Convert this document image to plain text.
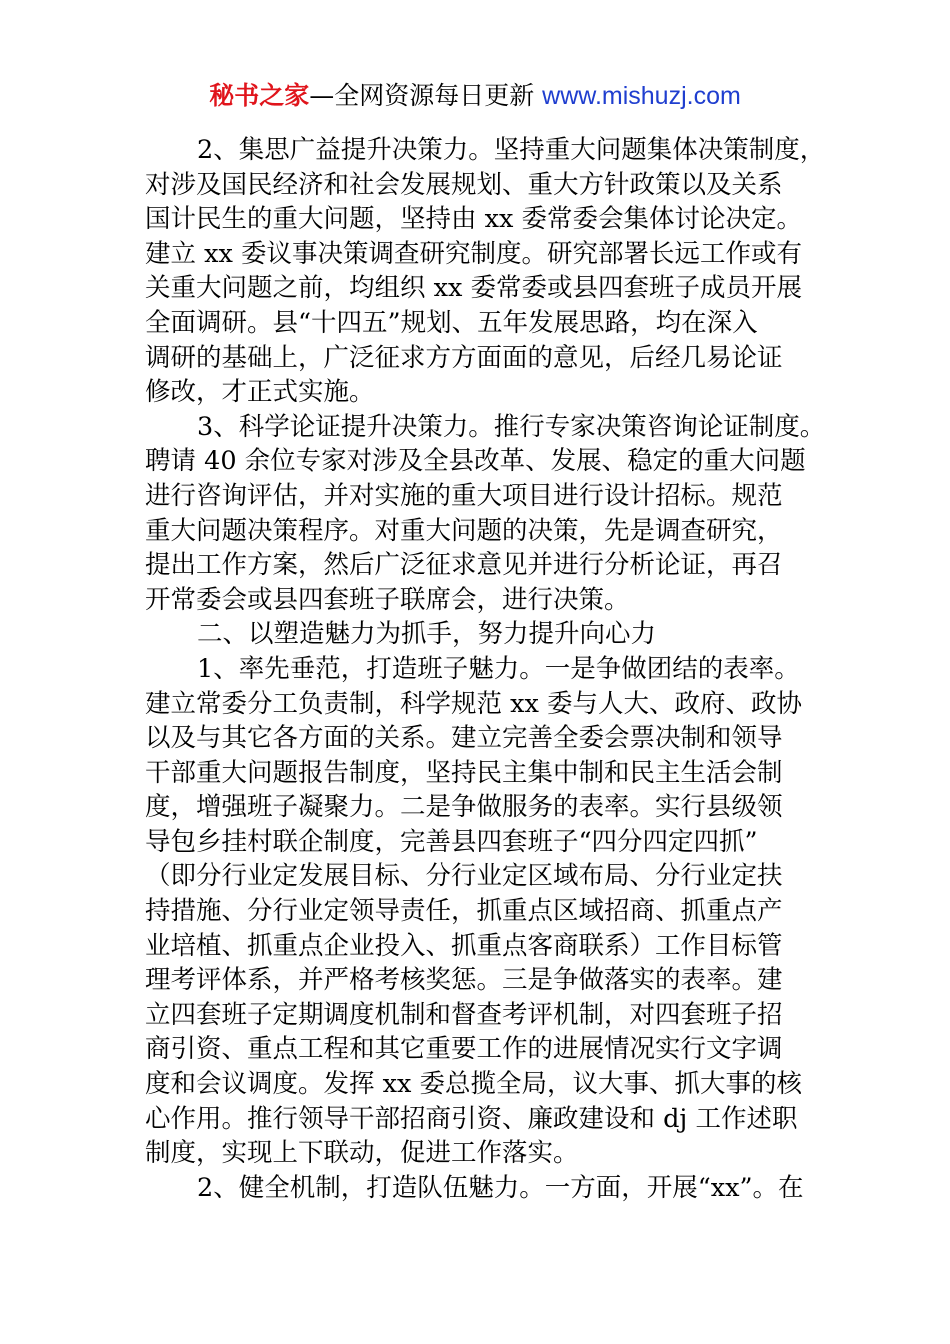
秘书之家—全网资源每日更新 www.mishuzj.com
2、集思广益提升决策力。坚持重大问题集体决策制度，
对涉及国民经济和社会发展规划、重大方针政策以及关系
国计民生的重大问题，坚持由 xx 委常委会集体讨论决定。
建立 xx 委议事决策调查研究制度。研究部署长远工作或有
关重大问题之前，均组织 xx 委常委或县四套班子成员开展
全面调研。县“十四五”规划、五年发展思路，均在深入
调研的基础上，广泛征求方方面面的意见，后经几易论证
修改，才正式实施。
3、科学论证提升决策力。推行专家决策咨询论证制度。
聘请 40 余位专家对涉及全县改革、发展、稳定的重大问题
进行咨询评估，并对实施的重大项目进行设计招标。规范
重大问题决策程序。对重大问题的决策，先是调查研究，
提出工作方案，然后广泛征求意见并进行分析论证，再召
开常委会或县四套班子联席会，进行决策。
二、以塑造魅力为抓手，努力提升向心力
1、率先垂范，打造班子魅力。一是争做团结的表率。
建立常委分工负责制，科学规范 xx 委与人大、政府、政协
以及与其它各方面的关系。建立完善全委会票决制和领导
干部重大问题报告制度，坚持民主集中制和民主生活会制
度，增强班子凝聚力。二是争做服务的表率。实行县级领
导包乡挂村联企制度，完善县四套班子“四分四定四抓”
（即分行业定发展目标、分行业定区域布局、分行业定扶
持措施、分行业定领导责任，抓重点区域招商、抓重点产
业培植、抓重点企业投入、抓重点客商联系）工作目标管
理考评体系，并严格考核奖惩。三是争做落实的表率。建
立四套班子定期调度机制和督查考评机制，对四套班子招
商引资、重点工程和其它重要工作的进展情况实行文字调
度和会议调度。发挥 xx 委总揽全局，议大事、抓大事的核
心作用。推行领导干部招商引资、廉政建设和 dj 工作述职
制度，实现上下联动，促进工作落实。
2、健全机制，打造队伍魅力。一方面，开展“xx”。在
